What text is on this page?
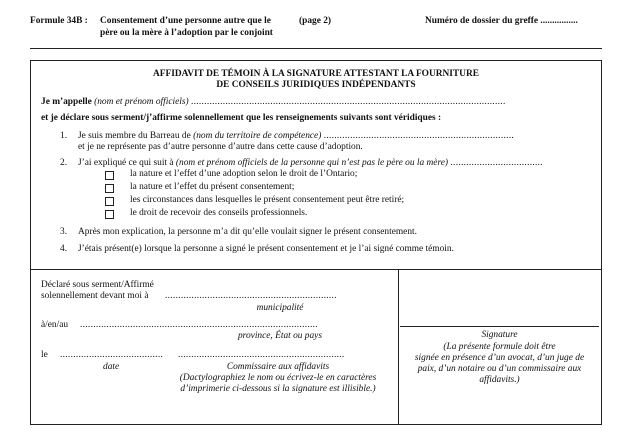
Formule 34B : Consentement d’une personne autre que le
père ou la mère à l’adoption par le conjoint
(page 2)	Numéro de dossier du greffe ................
AFFIDAVIT DE TÉMOIN À LA SIGNATURE ATTESTANT LA FOURNITURE
DE CONSEILS JURIDIQUES INDÉPENDANTS
Je m’appelle (nom et prénom officiels) .......................................................................................................................
et je déclare sous serment/j’affirme solennellement que les renseignements suivants sont véridiques :
1. Je suis membre du Barreau de (nom du territoire de compétence) ........................................................................
et je ne représente pas d’autre personne d’autre dans cette cause d’adoption.
2. J’ai expliqué ce qui suit à (nom et prénom officiels de la personne qui n’est pas le père ou la mère) ...................................
la nature et l’effet d’une adoption selon le droit de l’Ontario;
la nature et l’effet du présent consentement;
les circonstances dans lesquelles le présent consentement peut être retiré;
le droit de recevoir des conseils professionnels.
3. Après mon explication, la personne m’a dit qu’elle voulait signer le présent consentement.
4. J’étais présent(e) lorsque la personne a signé le présent consentement et je l’ai signé comme témoin.
Déclaré sous serment/Affirmé
solennellement devant moi à .................................................................
municipalité
à/en/au ..........................................................................................
province, État ou pays
le .......................................
date
...............................................................
Commissaire aux affidavits
(Dactylographiez le nom ou écrivez-le en caractères
d’imprimerie ci-dessous si la signature est illisible.)
Signature
(La présente formule doit être
signée en présence d’un avocat, d’un juge de
paix, d’un notaire ou d’un commissaire aux
affidavits.)
